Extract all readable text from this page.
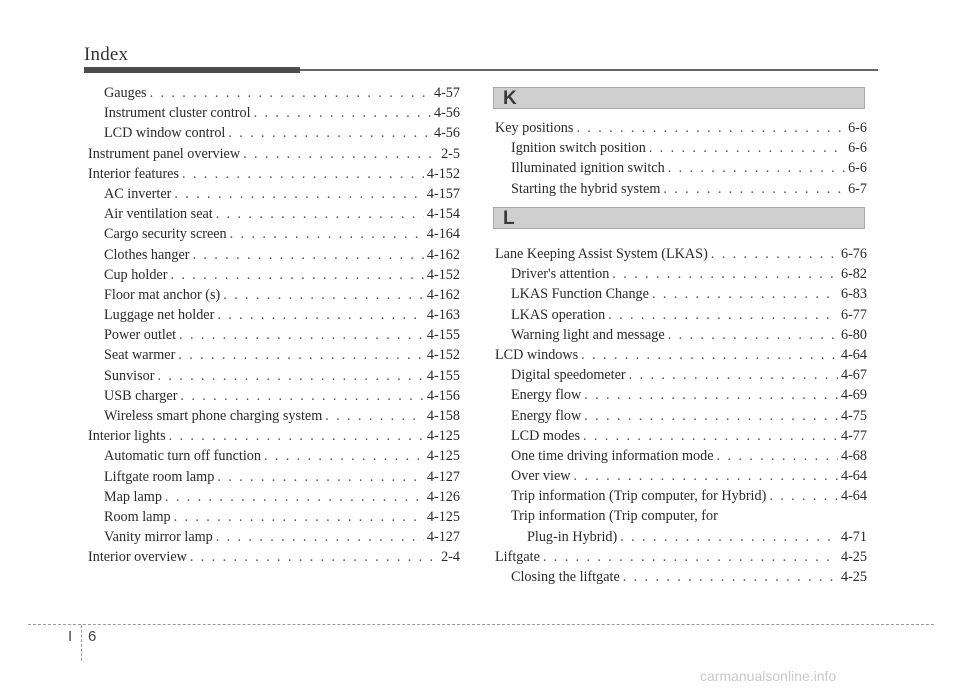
Index
Gauges . . .	4-57
Instrument cluster control . . .	4-56
LCD window control . . .	4-56
Instrument panel overview . . .	2-5
Interior features . . .	4-152
AC inverter . . .	4-157
Air ventilation seat . . .	4-154
Cargo security screen . . .	4-164
Clothes hanger . . .	4-162
Cup holder . . .	4-152
Floor mat anchor (s) . . .	4-162
Luggage net holder . . .	4-163
Power outlet . . .	4-155
Seat warmer . . .	4-152
Sunvisor . . .	4-155
USB charger . . .	4-156
Wireless smart phone charging system . . .	4-158
Interior lights . . .	4-125
Automatic turn off function . . .	4-125
Liftgate room lamp . . .	4-127
Map lamp . . .	4-126
Room lamp . . .	4-125
Vanity mirror lamp . . .	4-127
Interior overview . . .	2-4
K
Key positions . . .	6-6
Ignition switch position . . .	6-6
Illuminated ignition switch . . .	6-6
Starting the hybrid system . . .	6-7
L
Lane Keeping Assist System (LKAS) . . .	6-76
Driver's attention . . .	6-82
LKAS Function Change . . .	6-83
LKAS operation . . .	6-77
Warning light and message . . .	6-80
LCD windows . . .	4-64
Digital speedometer . . .	4-67
Energy flow . . .	4-69
Energy flow . . .	4-75
LCD modes . . .	4-77
One time driving information mode . . .	4-68
Over view . . .	4-64
Trip information (Trip computer, for Hybrid) . . .	4-64
Trip information (Trip computer, for
Plug-in Hybrid) . . .	4-71
Liftgate . . .	4-25
Closing the liftgate . . .	4-25
I 6
carmanualsonline.info
